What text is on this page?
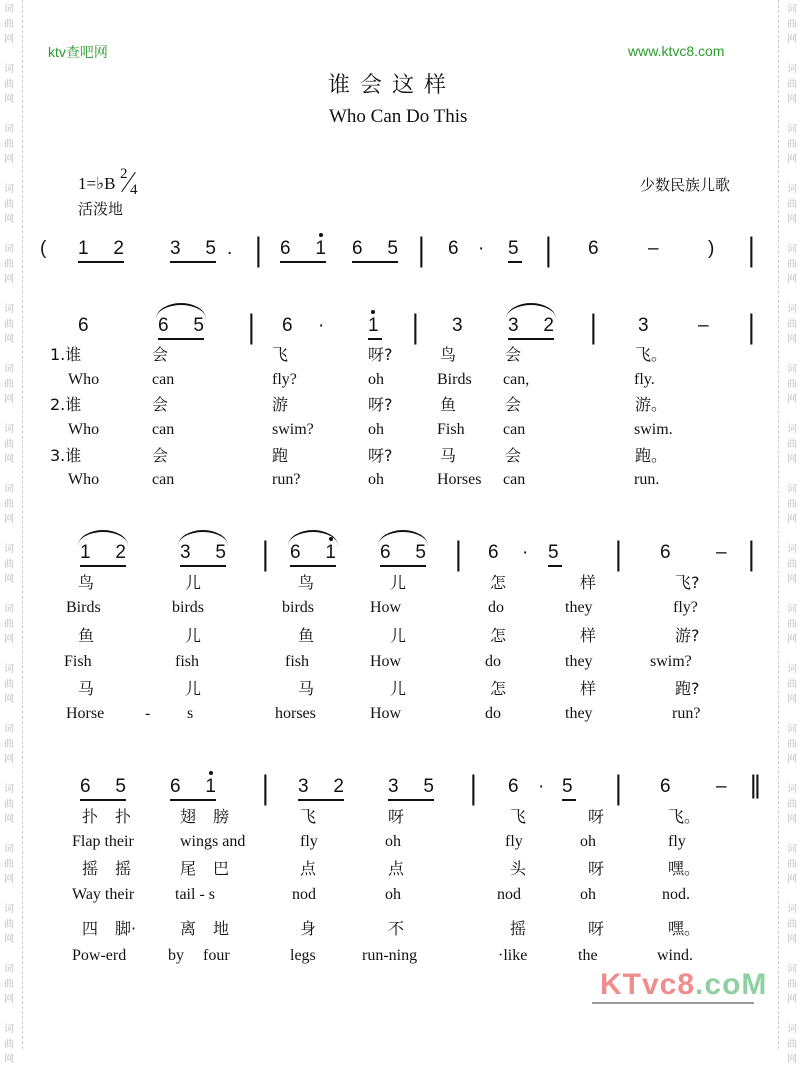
词
曲
网
词
曲
网
词
曲
网
词
曲
网
词
曲
网
词
曲
网
词
曲
网
词
曲
网
词
曲
网
词
曲
网
词
曲
网
词
曲
网
词
曲
网
词
曲
网
词
曲
网
词
曲
网
词
曲
网
词
曲
网
词
曲
网
词
曲
网
词
曲
网
词
曲
网
词
曲
网
词
曲
网
词
曲
网
词
曲
网
词
曲
网
词
曲
网
词
曲
网
词
曲
网
词
曲
网
词
曲
网
词
曲
网
词
曲
网
词
曲
网
词
曲
网
ktv查吧网	www.ktvc8.com
谁会这样
Who Can Do This
1=♭B 2
4
活泼地
少数民族儿歌
( 1 2 3 5 . | 6 1 6 5 | 6 · 5 | 6	–	) |
6	6 5 | 6 · 1 | 3 3 2 | 3	– |
1 2	3 5 | 6 1 6 5 | 6 · 5 | 6 – |
6 5 6 1 | 3 2 3 5 | 6 · 5 | 6 – ‖
1.谁	会	飞	呀?	鸟	会	飞。
Who	can	fly?	oh	Birds can,	fly.
2.谁	会	游	呀?	鱼	会	游。
Who	can	swim?	oh	Fish can	swim.
3.谁	会	跑	呀?	马	会	跑。
Who	can	run?	oh	Horses can	run.
鸟	儿	鸟	儿	怎	样	飞?
Birds	birds	birds	How	do	they	fly?
鱼	儿	鱼	儿	怎	样	游?
Fish	fish	fish	How	do	they	swim?
马	儿	马	儿	怎	样	跑?
Horse	- s	horses	How	do	they	run?
扑 扑	翅 膀	飞	呀	飞	呀	飞。
Flap their	wings and	fly	oh	fly	oh	fly
摇 摇	尾 巴	点	点	头	呀	嘿。
Way their	tail - s	nod	oh	nod	oh	nod.
四 脚·	离 地	身	不	摇	呀	嘿。
Pow-erd	by four	legs	run-ning	·like	the	wind.
KTvc8.coM
